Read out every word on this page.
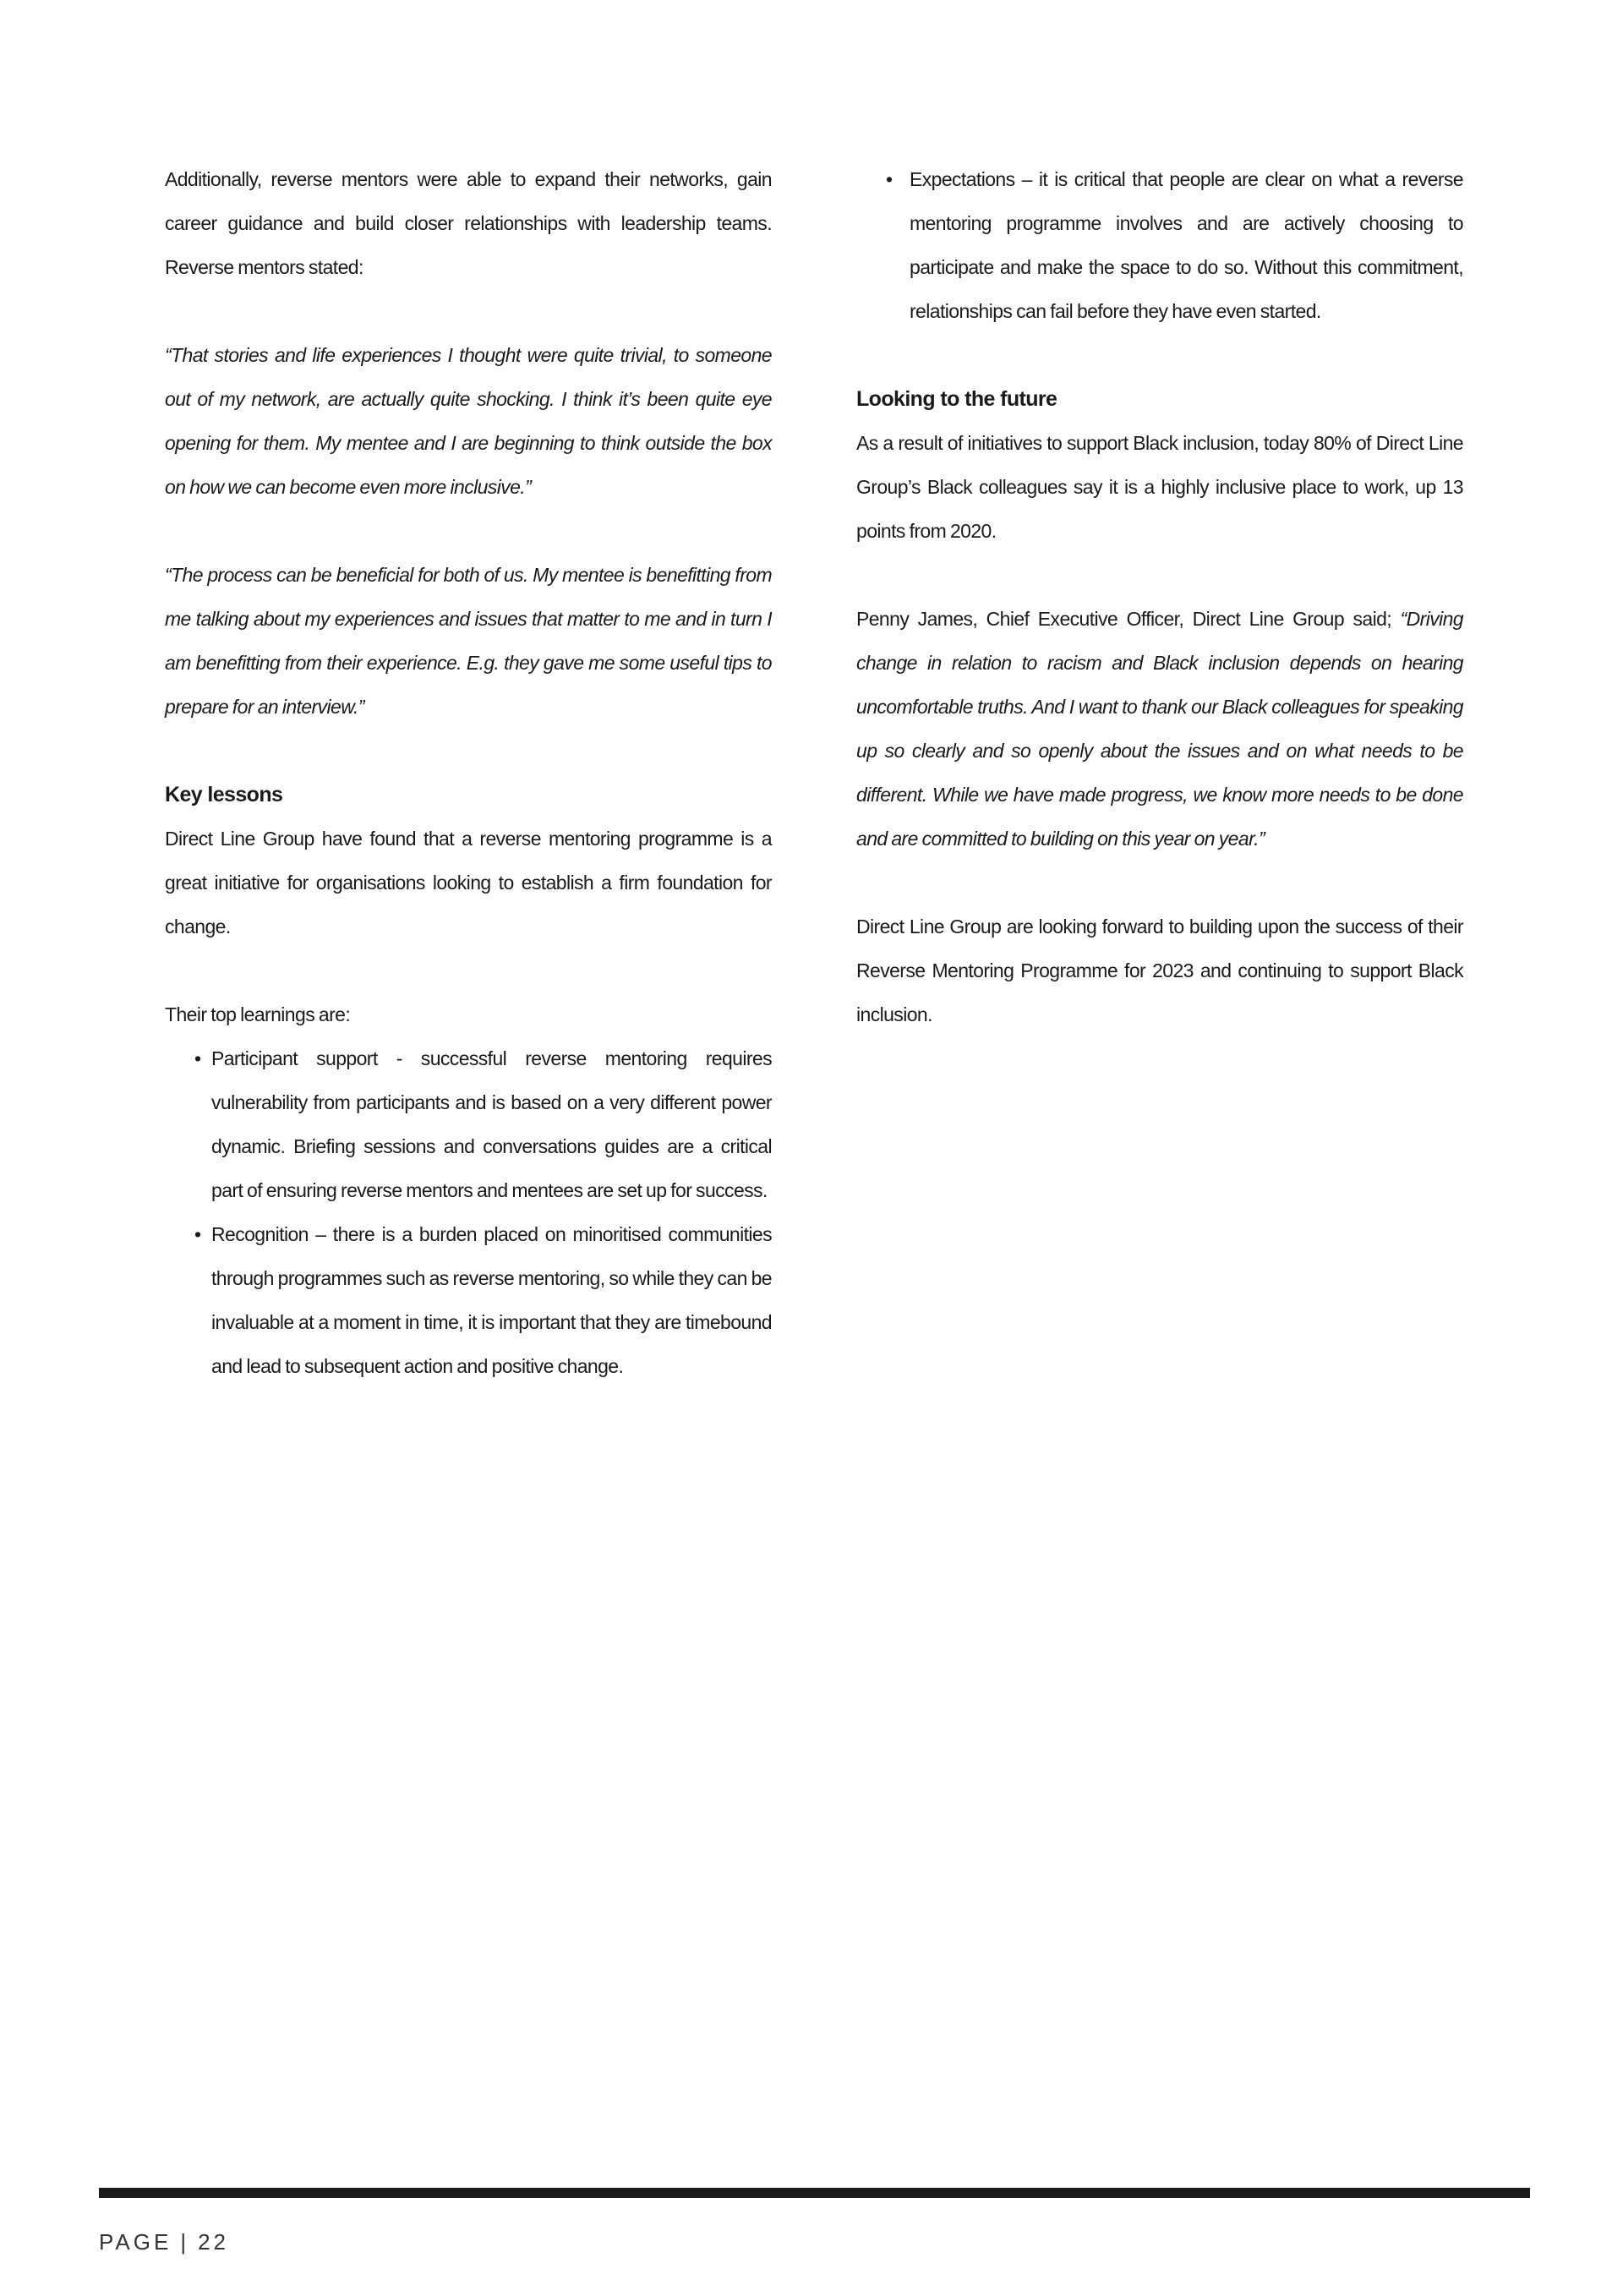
Additionally, reverse mentors were able to expand their networks, gain career guidance and build closer relationships with leadership teams. Reverse mentors stated:

“That stories and life experiences I thought were quite trivial, to someone out of my network, are actually quite shocking. I think it’s been quite eye opening for them. My mentee and I are beginning to think outside the box on how we can become even more inclusive.”

“The process can be beneficial for both of us. My mentee is benefitting from me talking about my experiences and issues that matter to me and in turn I am benefitting from their experience. E.g. they gave me some useful tips to prepare for an interview.”

Key lessons

Direct Line Group have found that a reverse mentoring programme is a great initiative for organisations looking to establish a firm foundation for change.

Their top learnings are:

• Participant support - successful reverse mentoring requires vulnerability from participants and is based on a very different power dynamic. Briefing sessions and conversations guides are a critical part of ensuring reverse mentors and mentees are set up for success.
• Recognition – there is a burden placed on minoritised communities through programmes such as reverse mentoring, so while they can be invaluable at a moment in time, it is important that they are timebound and lead to subsequent action and positive change.
• Expectations – it is critical that people are clear on what a reverse mentoring programme involves and are actively choosing to participate and make the space to do so. Without this commitment, relationships can fail before they have even started.
Looking to the future

As a result of initiatives to support Black inclusion, today 80% of Direct Line Group’s Black colleagues say it is a highly inclusive place to work, up 13 points from 2020.

Penny James, Chief Executive Officer, Direct Line Group said; “Driving change in relation to racism and Black inclusion depends on hearing uncomfortable truths. And I want to thank our Black colleagues for speaking up so clearly and so openly about the issues and on what needs to be different. While we have made progress, we know more needs to be done and are committed to building on this year on year.”

Direct Line Group are looking forward to building upon the success of their Reverse Mentoring Programme for 2023 and continuing to support Black inclusion.

PAGE | 22
